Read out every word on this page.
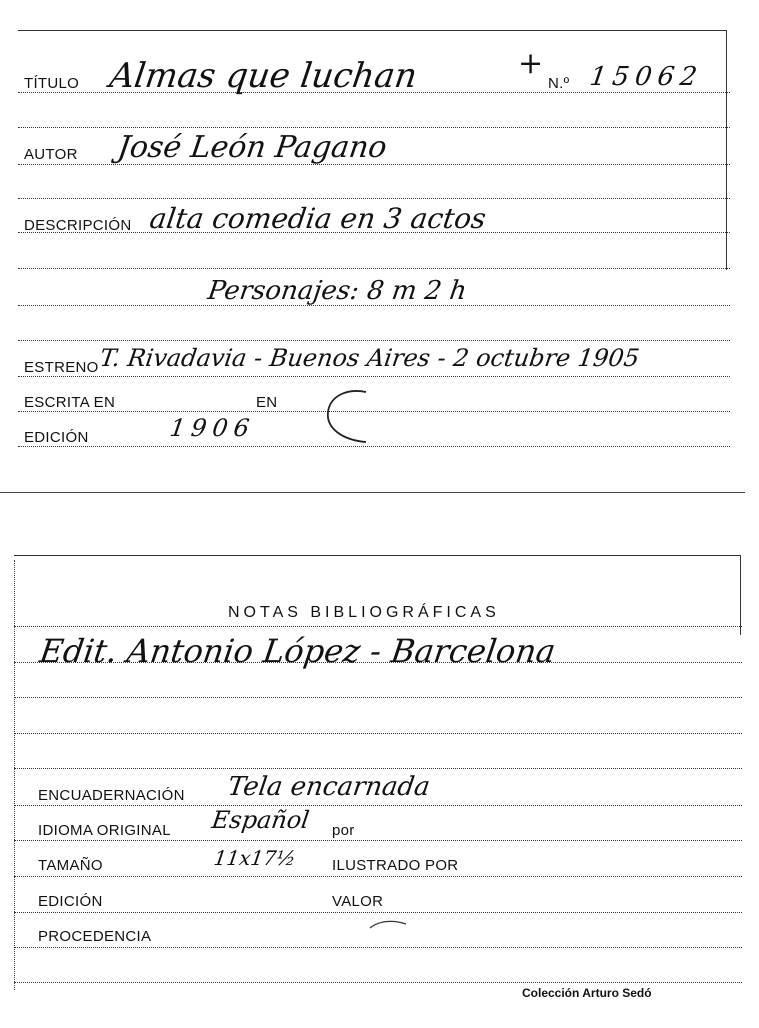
TÍTULO Almas que luchan	+
N.º 15062
AUTOR José León Pagano
DESCRIPCIÓN alta comedia en 3 actos
Personajes: 8 m 2 h
ESTRENO T. Rivadavia - Buenos Aires - 2 octubre 1905
ESCRITA EN	EN
EDICIÓN	1906
NOTAS BIBLIOGRÁFICAS
Edit. Antonio López - Barcelona
ENCUADERNACIÓN Tela encarnada
IDIOMA ORIGINAL Español por
TAMAÑO	11x17½ ILUSTRADO POR
EDICIÓN	VALOR
PROCEDENCIA
Colección Arturo Sedó
